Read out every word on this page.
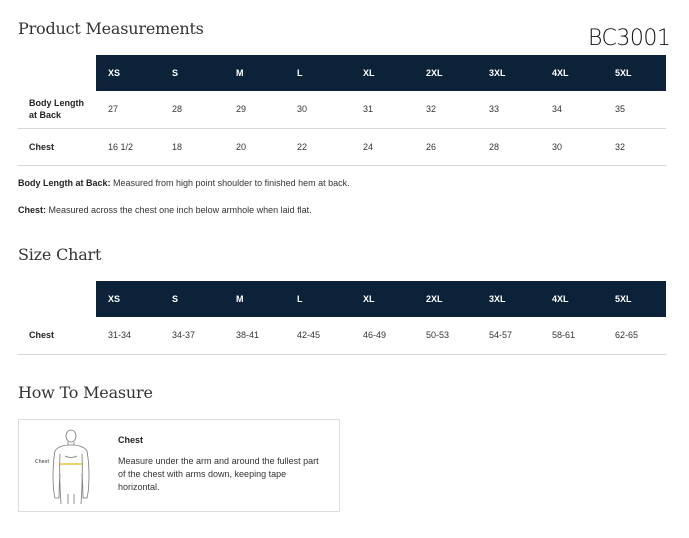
Product Measurements	BC3001
	XS	S	M	L	XL	2XL	3XL	4XL	5XL
Body Length at Back	27	28	29	30	31	32	33	34	35
Chest	16 1/2	18	20	22	24	26	28	30	32
Body Length at Back: Measured from high point shoulder to finished hem at back.
Chest: Measured across the chest one inch below armhole when laid flat.
Size Chart
	XS	S	M	L	XL	2XL	3XL	4XL	5XL
Chest	31-34	34-37	38-41	42-45	46-49	50-53	54-57	58-61	62-65
How To Measure
Chest
Chest
Measure under the arm and around the fullest part of the chest with arms down, keeping tape horizontal.
